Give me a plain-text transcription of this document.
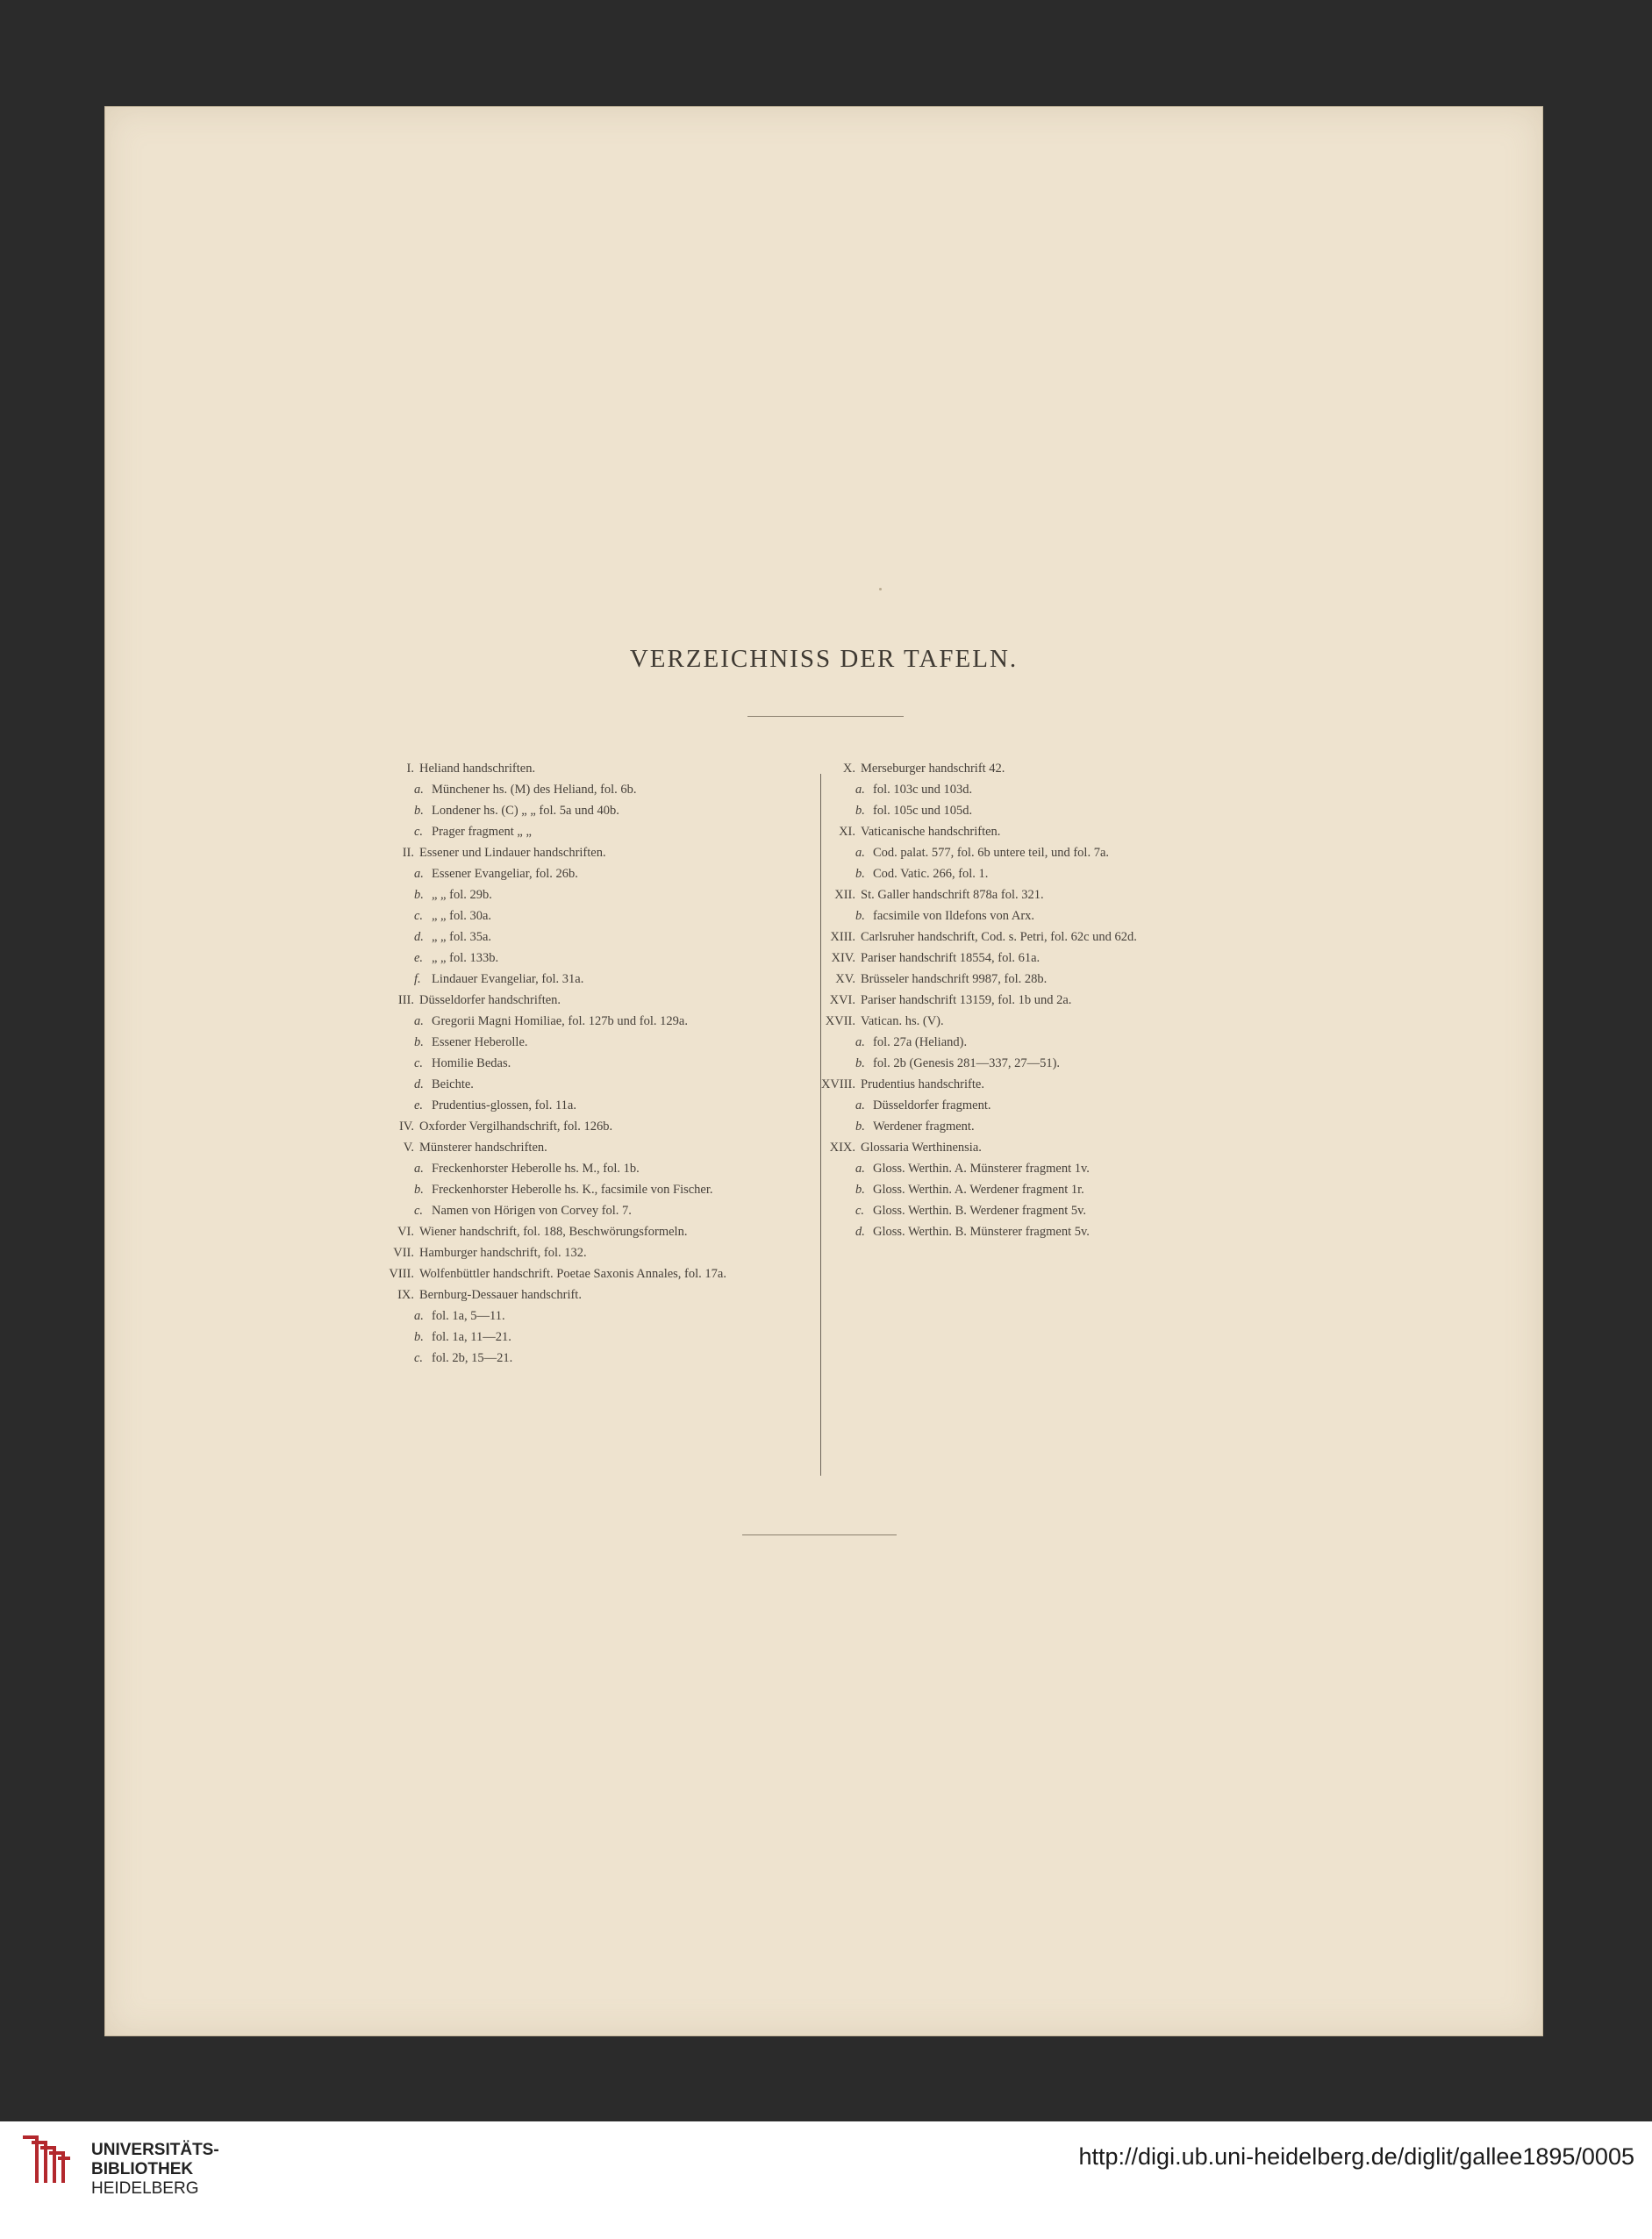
VERZEICHNISS DER TAFELN.
I. Heliand handschriften.
a. Münchener hs. (M) des Heliand, fol. 6b.
b. Londener hs. (C) „ „ fol. 5a und 40b.
c. Prager fragment „ „
II. Essener und Lindauer handschriften.
a. Essener Evangeliar, fol. 26b.
b. „ „ fol. 29b.
c. „ „ fol. 30a.
d. „ „ fol. 35a.
e. „ „ fol. 133b.
f. Lindauer Evangeliar, fol. 31a.
III. Düsseldorfer handschriften.
a. Gregorii Magni Homiliae, fol. 127b und fol. 129a.
b. Essener Heberolle.
c. Homilie Bedas.
d. Beichte.
e. Prudentius-glossen, fol. 11a.
IV. Oxforder Vergilhandschrift, fol. 126b.
V. Münsterer handschriften.
a. Freckenhorster Heberolle hs. M., fol. 1b.
b. Freckenhorster Heberolle hs. K., facsimile von Fischer.
c. Namen von Hörigen von Corvey fol. 7.
VI. Wiener handschrift, fol. 188, Beschwörungsformeln.
VII. Hamburger handschrift, fol. 132.
VIII. Wolfenbüttler handschrift. Poetae Saxonis Annales, fol. 17a.
IX. Bernburg-Dessauer handschrift.
a. fol. 1a, 5—11.
b. fol. 1a, 11—21.
c. fol. 2b, 15—21.
X. Merseburger handschrift 42.
a. fol. 103c und 103d.
b. fol. 105c und 105d.
XI. Vaticanische handschriften.
a. Cod. palat. 577, fol. 6b untere teil, und fol. 7a.
b. Cod. Vatic. 266, fol. 1.
XII. St. Galler handschrift 878a fol. 321.
b. facsimile von Ildefons von Arx.
XIII. Carlsruher handschrift, Cod. s. Petri, fol. 62c und 62d.
XIV. Pariser handschrift 18554, fol. 61a.
XV. Brüsseler handschrift 9987, fol. 28b.
XVI. Pariser handschrift 13159, fol. 1b und 2a.
XVII. Vatican. hs. (V).
a. fol. 27a (Heliand).
b. fol. 2b (Genesis 281—337, 27—51).
XVIII. Prudentius handschrifte.
a. Düsseldorfer fragment.
b. Werdener fragment.
XIX. Glossaria Werthinensia.
a. Gloss. Werthin. A. Münsterer fragment 1v.
b. Gloss. Werthin. A. Werdener fragment 1r.
c. Gloss. Werthin. B. Werdener fragment 5v.
d. Gloss. Werthin. B. Münsterer fragment 5v.
UNIVERSITÄTS-
BIBLIOTHEK
HEIDELBERG
http://digi.ub.uni-heidelberg.de/diglit/gallee1895/0005
